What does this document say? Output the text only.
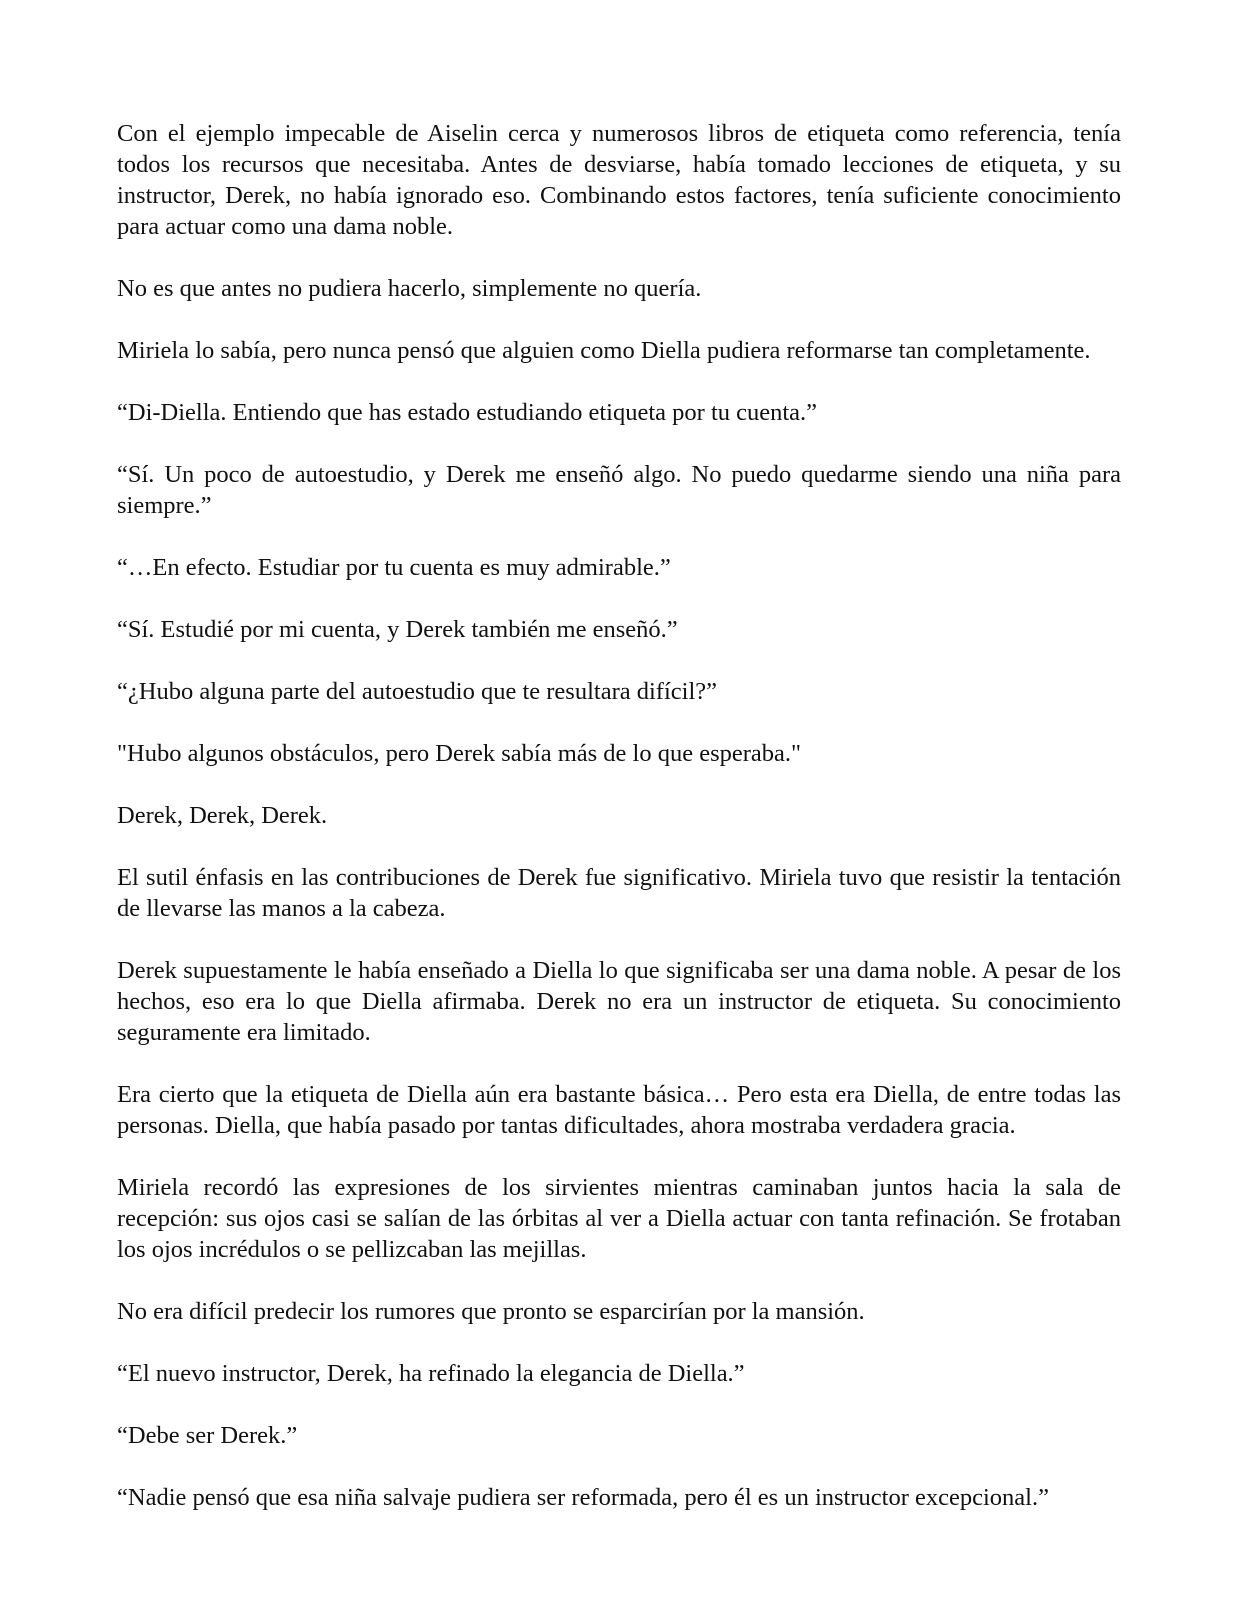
Con el ejemplo impecable de Aiselin cerca y numerosos libros de etiqueta como referencia, tenía todos los recursos que necesitaba. Antes de desviarse, había tomado lecciones de etiqueta, y su instructor, Derek, no había ignorado eso. Combinando estos factores, tenía suficiente conocimiento para actuar como una dama noble.

No es que antes no pudiera hacerlo, simplemente no quería.

Miriela lo sabía, pero nunca pensó que alguien como Diella pudiera reformarse tan completamente.

“Di-Diella. Entiendo que has estado estudiando etiqueta por tu cuenta.”

“Sí. Un poco de autoestudio, y Derek me enseñó algo. No puedo quedarme siendo una niña para siempre.”

“…En efecto. Estudiar por tu cuenta es muy admirable.”

“Sí. Estudié por mi cuenta, y Derek también me enseñó.”

“¿Hubo alguna parte del autoestudio que te resultara difícil?”

"Hubo algunos obstáculos, pero Derek sabía más de lo que esperaba."

Derek, Derek, Derek.

El sutil énfasis en las contribuciones de Derek fue significativo. Miriela tuvo que resistir la tentación de llevarse las manos a la cabeza.

Derek supuestamente le había enseñado a Diella lo que significaba ser una dama noble. A pesar de los hechos, eso era lo que Diella afirmaba. Derek no era un instructor de etiqueta. Su conocimiento seguramente era limitado.

Era cierto que la etiqueta de Diella aún era bastante básica… Pero esta era Diella, de entre todas las personas. Diella, que había pasado por tantas dificultades, ahora mostraba verdadera gracia.

Miriela recordó las expresiones de los sirvientes mientras caminaban juntos hacia la sala de recepción: sus ojos casi se salían de las órbitas al ver a Diella actuar con tanta refinación. Se frotaban los ojos incrédulos o se pellizcaban las mejillas.

No era difícil predecir los rumores que pronto se esparcirían por la mansión.

“El nuevo instructor, Derek, ha refinado la elegancia de Diella.”

“Debe ser Derek.”

“Nadie pensó que esa niña salvaje pudiera ser reformada, pero él es un instructor excepcional.”
